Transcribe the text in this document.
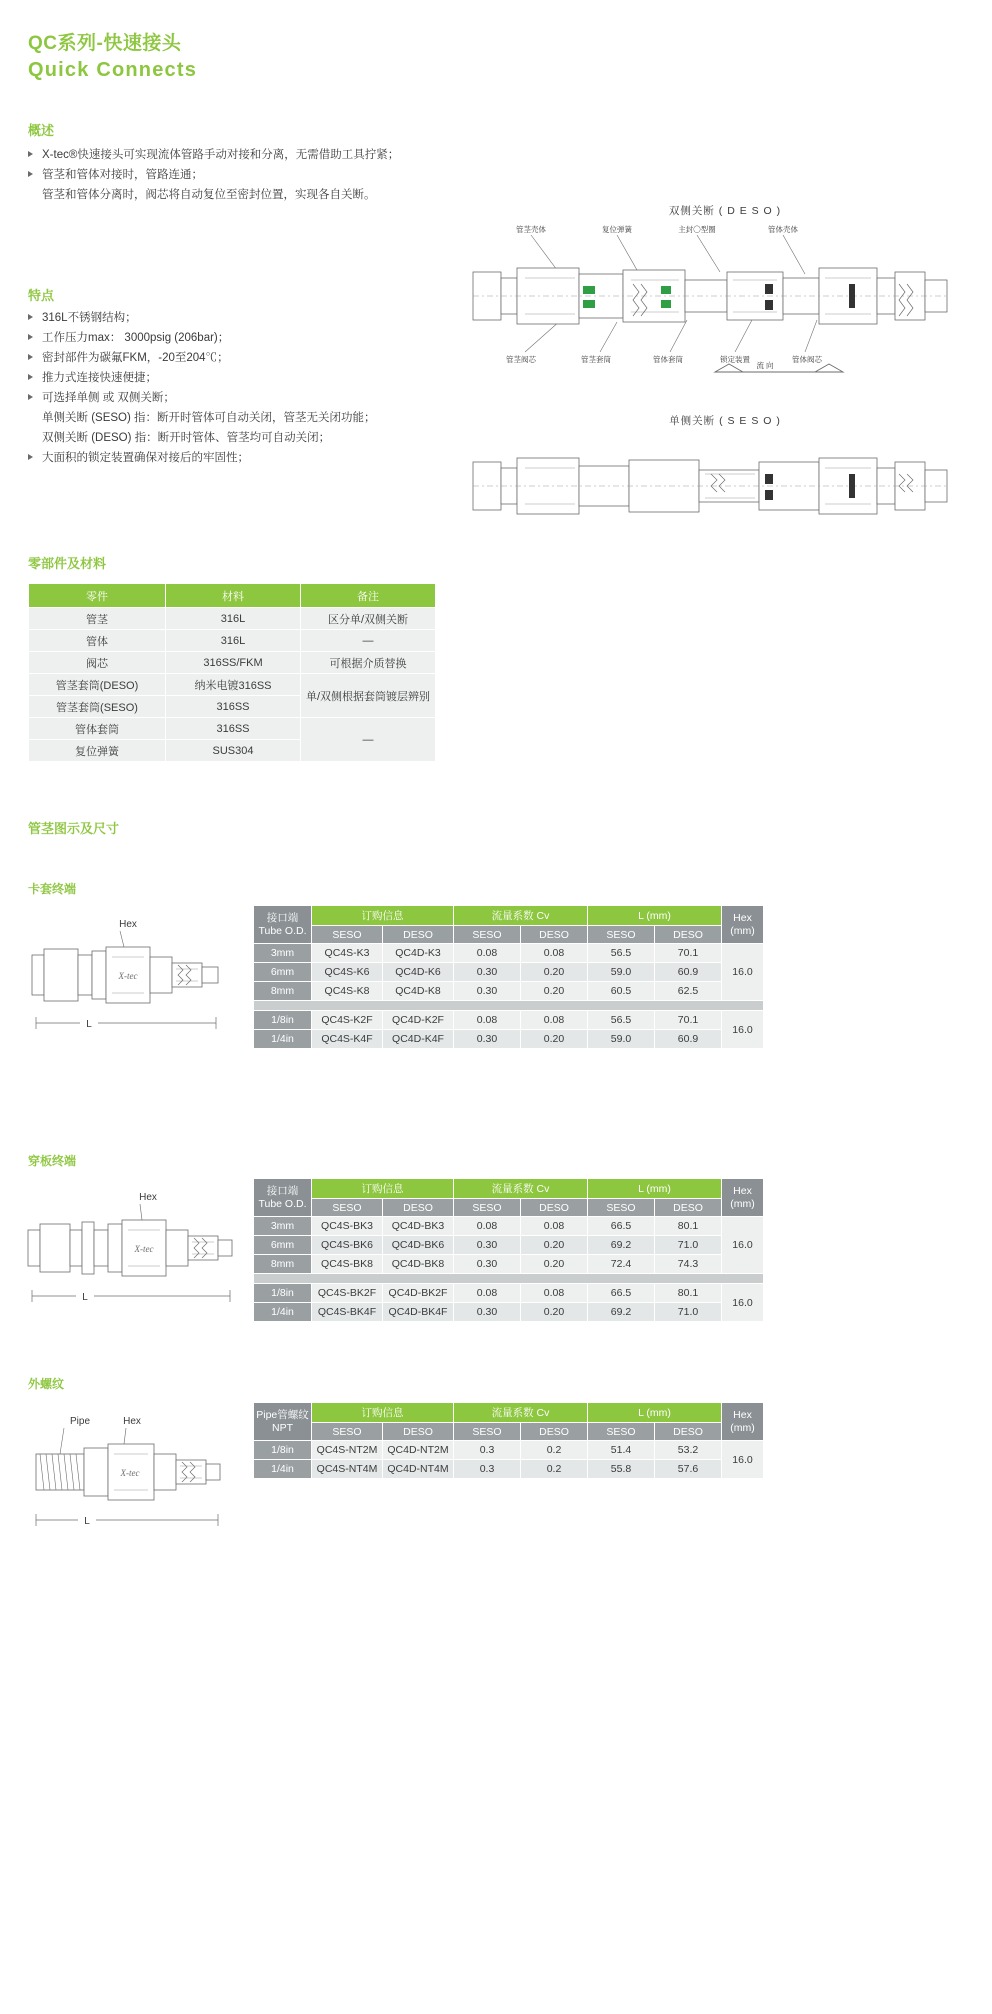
QC系列-快速接头
Quick Connects
概述
X-tec®快速接头可实现流体管路手动对接和分离，无需借助工具拧紧；
管茎和管体对接时，管路连通；
管茎和管体分离时，阀芯将自动复位至密封位置，实现各自关断。
特点
316L不锈钢结构；
工作压力max： 3000psig (206bar)；
密封部件为碳氟FKM，-20至204℃；
推力式连接快速便捷；
可选择单侧 或 双侧关断；
单侧关断 (SESO) 指：断开时管体可自动关闭，管茎无关闭功能；
双侧关断 (DESO) 指：断开时管体、管茎均可自动关闭；
大面积的锁定装置确保对接后的牢固性；
双侧关断 ( D E S O )
流 向
管茎壳体	复位弹簧	主封〇型圈	管体壳体
管茎阀芯	管茎套筒	管体套筒	锁定装置	管体阀芯
单侧关断 ( S E S O )
零部件及材料
零件	材料	备注
管茎	316L	区分单/双侧关断
管体	316L	—
阀芯	316SS/FKM	可根据介质替换
管茎套筒(DESO)	纳米电镀316SS	单/双侧根据套筒镀层辨别
管茎套筒(SESO)	316SS	
管体套筒	316SS	—
复位弹簧	SUS304	
管茎图示及尺寸
卡套终端
Hex
X-tec
L
接口端
Tube O.D.	订购信息		流量系数 Cv		L (mm)		Hex
(mm)
	SESO	DESO	SESO	DESO	SESO	DESO	
3mm	QC4S-K3	QC4D-K3	0.08	0.08	56.5	70.1	16.0
6mm	QC4S-K6	QC4D-K6	0.30	0.20	59.0	60.9	
8mm	QC4S-K8	QC4D-K8	0.30	0.20	60.5	62.5	

1/8in	QC4S-K2F	QC4D-K2F	0.08	0.08	56.5	70.1	16.0
1/4in	QC4S-K4F	QC4D-K4F	0.30	0.20	59.0	60.9	
穿板终端
Hex
X-tec
L
接口端
Tube O.D.	订购信息		流量系数 Cv		L (mm)		Hex
(mm)
	SESO	DESO	SESO	DESO	SESO	DESO	
3mm	QC4S-BK3	QC4D-BK3	0.08	0.08	66.5	80.1	16.0
6mm	QC4S-BK6	QC4D-BK6	0.30	0.20	69.2	71.0	
8mm	QC4S-BK8	QC4D-BK8	0.30	0.20	72.4	74.3	

1/8in	QC4S-BK2F	QC4D-BK2F	0.08	0.08	66.5	80.1	16.0
1/4in	QC4S-BK4F	QC4D-BK4F	0.30	0.20	69.2	71.0	
外螺纹
Pipe	Hex
X-tec
L
Pipe管螺纹
NPT	订购信息		流量系数 Cv		L (mm)		Hex
(mm)
	SESO	DESO	SESO	DESO	SESO	DESO	
1/8in	QC4S-NT2M	QC4D-NT2M	0.3	0.2	51.4	53.2	16.0
1/4in	QC4S-NT4M	QC4D-NT4M	0.3	0.2	55.8	57.6	
